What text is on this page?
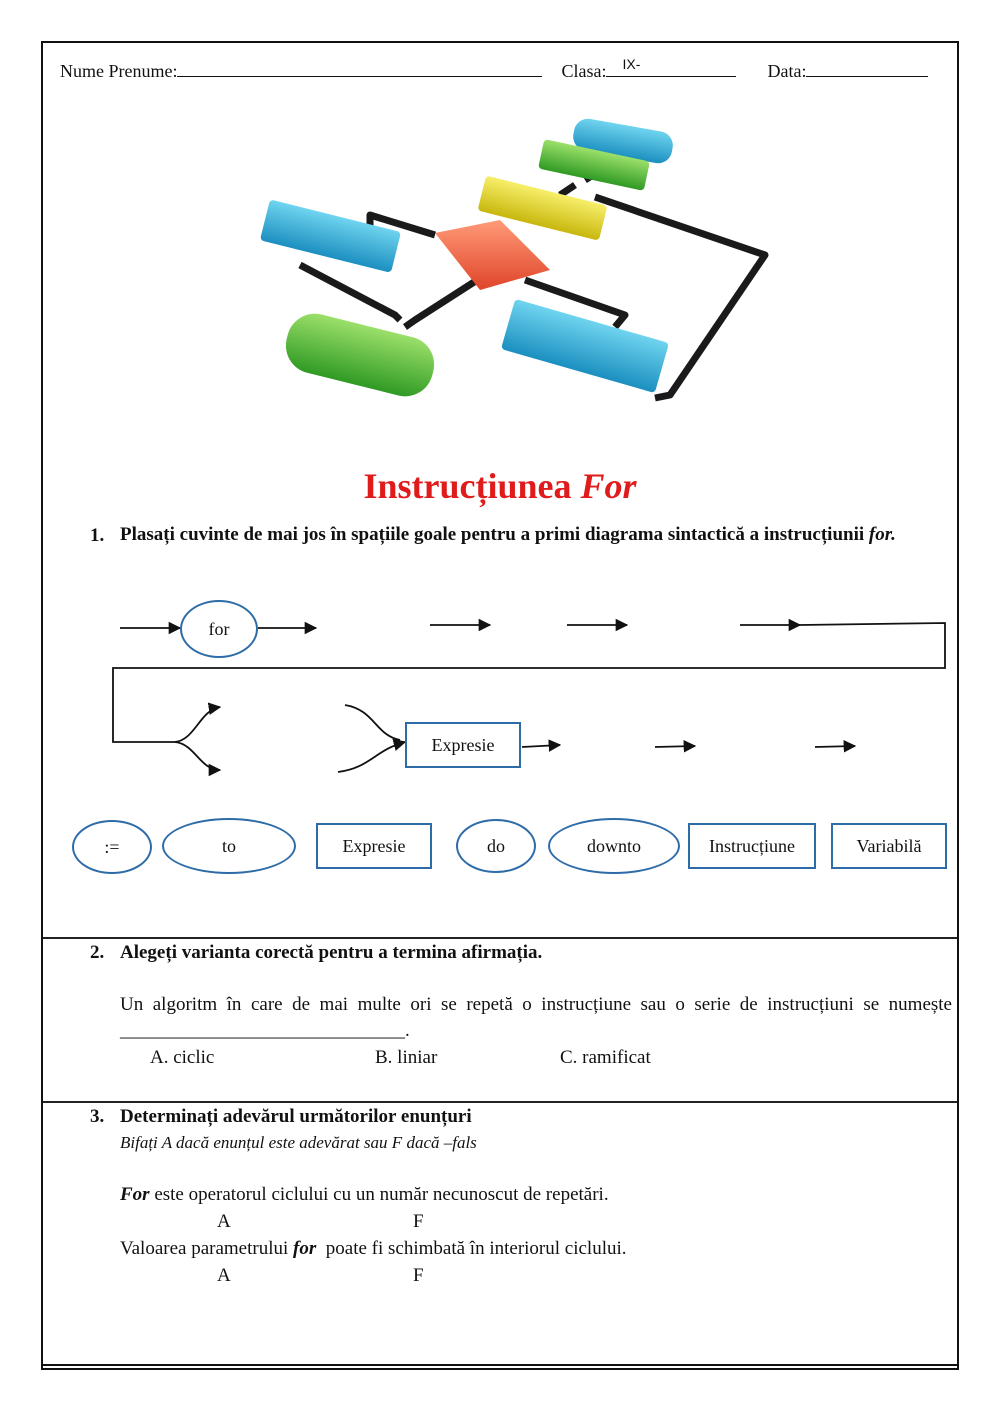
Nume Prenume:	Clasa: IX-	Data:
Instrucțiunea For
1. Plasați cuvinte de mai jos în spațiile goale pentru a primi diagrama sintactică a instrucțiunii for.
for
Expresie
:=	to	Expresie	do	downto	Instrucțiune	Variabilă
2. Alegeți varianta corectă pentru a termina afirmația.
Un algoritm în care de mai multe ori se repetă o instrucțiune sau o serie de instrucțiuni se numește ______________________________.
A. ciclic	B. liniar	C. ramificat
3. Determinați adevărul următorilor enunțuri
Bifați A dacă enunțul este adevărat sau F dacă –fals
For este operatorul ciclului cu un număr necunoscut de repetări.
A	F
Valoarea parametrului for  poate fi schimbată în interiorul ciclului.
A	F
